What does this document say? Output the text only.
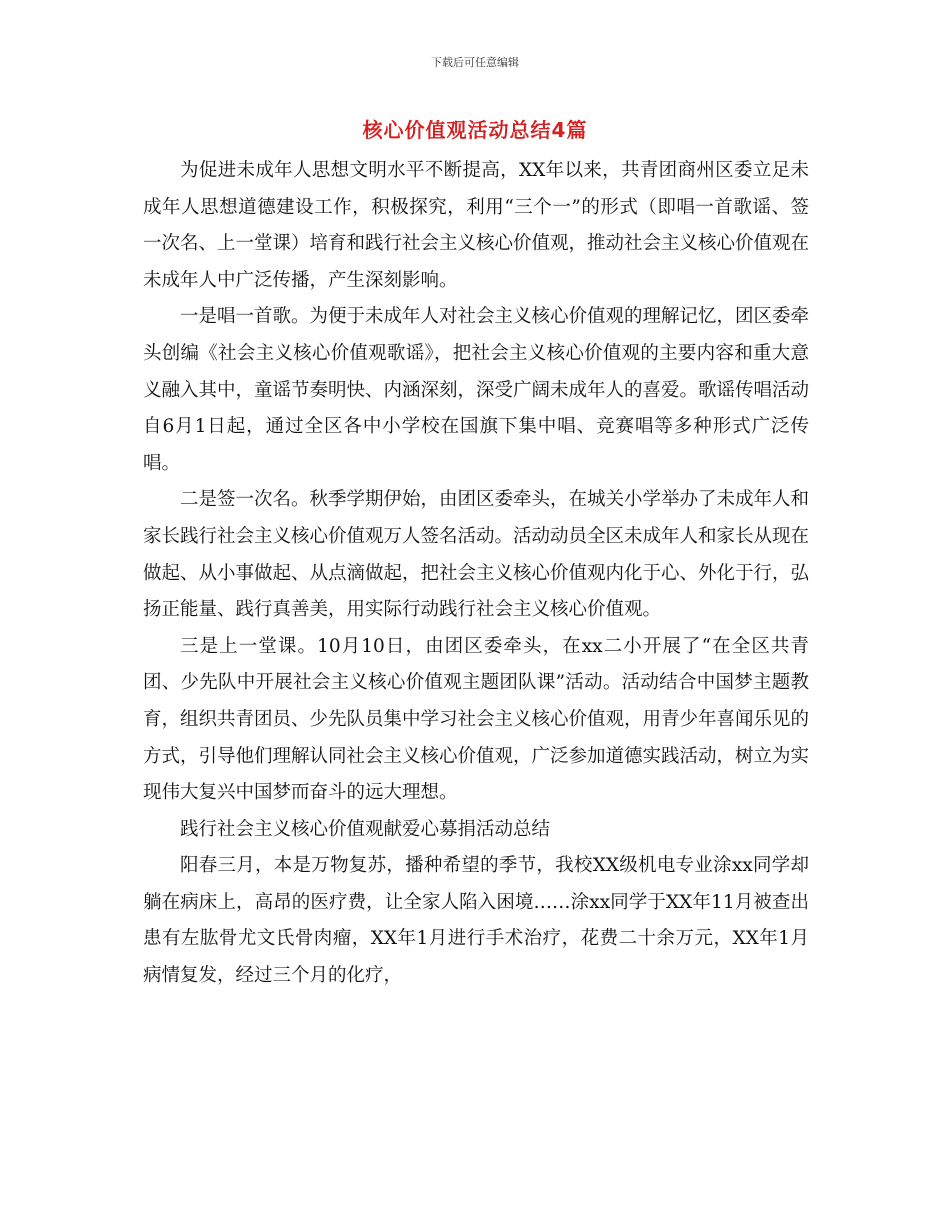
下载后可任意编辑
核心价值观活动总结4篇

为促进未成年人思想文明水平不断提高，XX年以来，共青团商州区委立足未成年人思想道德建设工作，积极探究，利用“三个一”的形式（即唱一首歌谣、签一次名、上一堂课）培育和践行社会主义核心价值观，推动社会主义核心价值观在未成年人中广泛传播，产生深刻影响。

一是唱一首歌。为便于未成年人对社会主义核心价值观的理解记忆，团区委牵头创编《社会主义核心价值观歌谣》，把社会主义核心价值观的主要内容和重大意义融入其中，童谣节奏明快、内涵深刻，深受广阔未成年人的喜爱。歌谣传唱活动自6月1日起，通过全区各中小学校在国旗下集中唱、竞赛唱等多种形式广泛传唱。

二是签一次名。秋季学期伊始，由团区委牵头，在城关小学举办了未成年人和家长践行社会主义核心价值观万人签名活动。活动动员全区未成年人和家长从现在做起、从小事做起、从点滴做起，把社会主义核心价值观内化于心、外化于行，弘扬正能量、践行真善美，用实际行动践行社会主义核心价值观。

三是上一堂课。10月10日，由团区委牵头，在xx二小开展了“在全区共青团、少先队中开展社会主义核心价值观主题团队课”活动。活动结合中国梦主题教育，组织共青团员、少先队员集中学习社会主义核心价值观，用青少年喜闻乐见的方式，引导他们理解认同社会主义核心价值观，广泛参加道德实践活动，树立为实现伟大复兴中国梦而奋斗的远大理想。

践行社会主义核心价值观献爱心募捐活动总结

阳春三月，本是万物复苏，播种希望的季节，我校XX级机电专业涂xx同学却躺在病床上，高昂的医疗费，让全家人陷入困境……涂xx同学于XX年11月被查出患有左肱骨尤文氏骨肉瘤，XX年1月进行手术治疗，花费二十余万元，XX年1月病情复发，经过三个月的化疗，
